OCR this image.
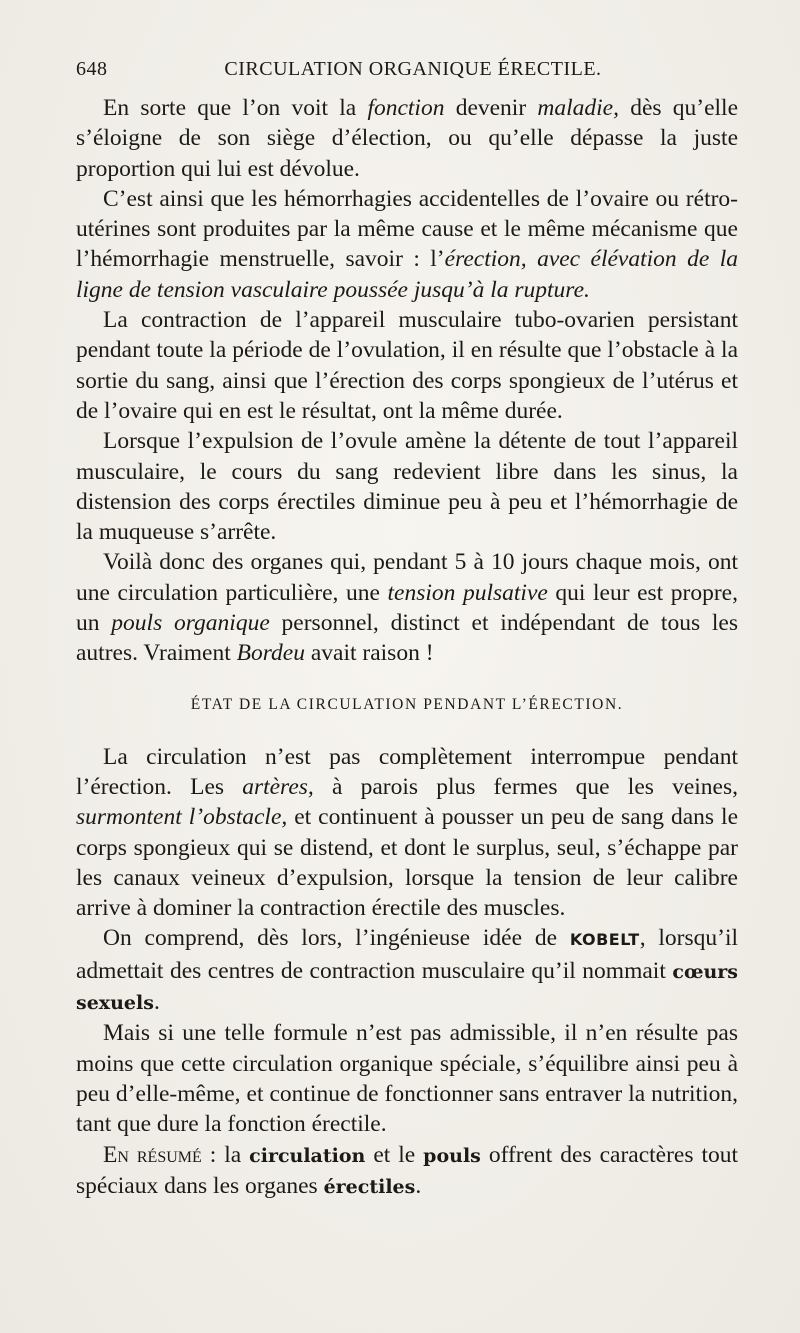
648	CIRCULATION ORGANIQUE ÉRECTILE.

En sorte que l’on voit la fonction devenir maladie, dès qu’elle s’éloigne de son siège d’élection, ou qu’elle dépasse la juste proportion qui lui est dévolue.

C’est ainsi que les hémorrhagies accidentelles de l’ovaire ou rétro-utérines sont produites par la même cause et le même mécanisme que l’hémorrhagie menstruelle, savoir : l’érection, avec élévation de la ligne de tension vasculaire poussée jusqu’à la rupture.

La contraction de l’appareil musculaire tubo-ovarien persistant pendant toute la période de l’ovulation, il en résulte que l’obstacle à la sortie du sang, ainsi que l’érection des corps spongieux de l’utérus et de l’ovaire qui en est le résultat, ont la même durée.

Lorsque l’expulsion de l’ovule amène la détente de tout l’appareil musculaire, le cours du sang redevient libre dans les sinus, la distension des corps érectiles diminue peu à peu et l’hémorrhagie de la muqueuse s’arrête.

Voilà donc des organes qui, pendant 5 à 10 jours chaque mois, ont une circulation particulière, une tension pulsative qui leur est propre, un pouls organique personnel, distinct et indépendant de tous les autres. Vraiment Bordeu avait raison !

ÉTAT DE LA CIRCULATION PENDANT L’ÉRECTION.

La circulation n’est pas complètement interrompue pendant l’érection. Les artères, à parois plus fermes que les veines, surmontent l’obstacle, et continuent à pousser un peu de sang dans le corps spongieux qui se distend, et dont le surplus, seul, s’échappe par les canaux veineux d’expulsion, lorsque la tension de leur calibre arrive à dominer la contraction érectile des muscles.

On comprend, dès lors, l’ingénieuse idée de KOBELT, lorsqu’il admettait des centres de contraction musculaire qu’il nommait cœurs sexuels.

Mais si une telle formule n’est pas admissible, il n’en résulte pas moins que cette circulation organique spéciale, s’équilibre ainsi peu à peu d’elle-même, et continue de fonctionner sans entraver la nutrition, tant que dure la fonction érectile.

En résumé : la circulation et le pouls offrent des caractères tout spéciaux dans les organes érectiles.
